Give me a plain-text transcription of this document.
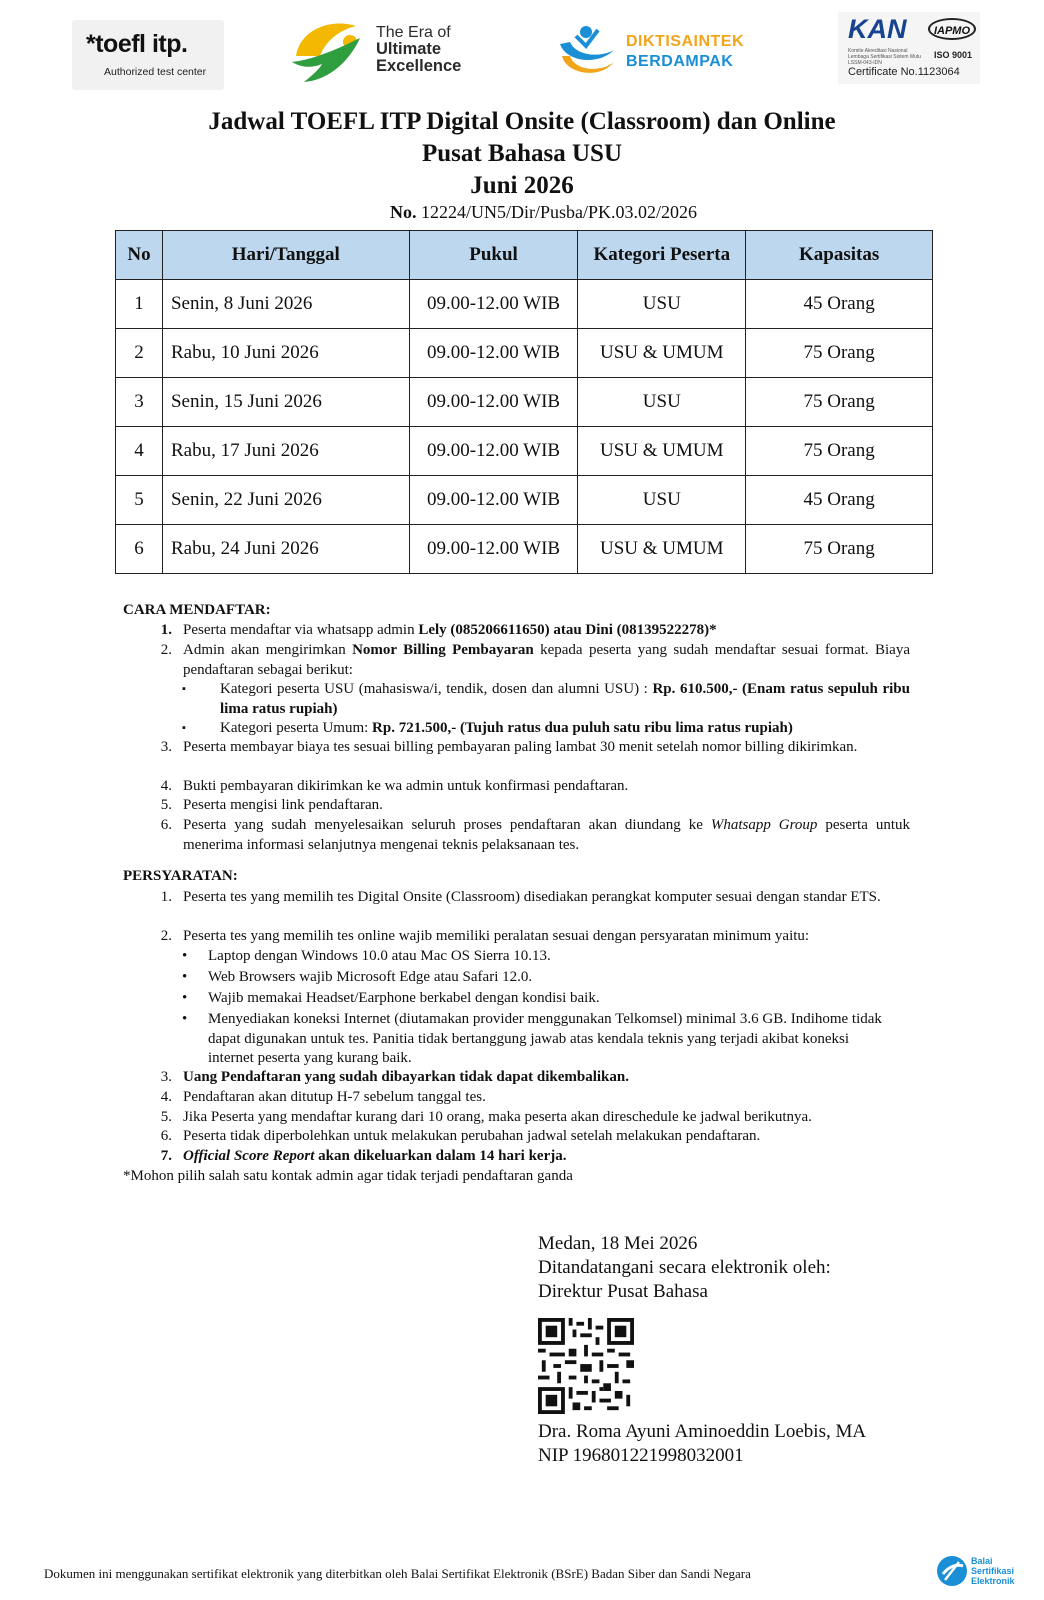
*toefl itp.
Authorized test center
The Era of
Ultimate
Excellence
DIKTISAINTEK
BERDAMPAK
KAN	IAPMO
Komite Akreditasi Nasional Lembaga Sertifikasi Sistem Mutu LSSM-043-IDN
ISO 9001
Certificate No.1123064
Jadwal TOEFL ITP Digital Onsite (Classroom) dan Online
Pusat Bahasa USU
Juni 2026
No. 12224/UN5/Dir/Pusba/PK.03.02/2026
No	Hari/Tanggal	Pukul	Kategori Peserta	Kapasitas
1	Senin, 8 Juni 2026	09.00-12.00 WIB	USU	45 Orang
2	Rabu, 10 Juni 2026	09.00-12.00 WIB	USU & UMUM	75 Orang
3	Senin, 15 Juni 2026	09.00-12.00 WIB	USU	75 Orang
4	Rabu, 17 Juni 2026	09.00-12.00 WIB	USU & UMUM	75 Orang
5	Senin, 22 Juni 2026	09.00-12.00 WIB	USU	45 Orang
6	Rabu, 24 Juni 2026	09.00-12.00 WIB	USU & UMUM	75 Orang
CARA MENDAFTAR:
1. Peserta mendaftar via whatsapp admin Lely (085206611650) atau Dini (08139522278)*
2. Admin akan mengirimkan Nomor Billing Pembayaran kepada peserta yang sudah mendaftar sesuai format. Biaya pendaftaran sebagai berikut:
▪ Kategori peserta USU (mahasiswa/i, tendik, dosen dan alumni USU) : Rp. 610.500,- (Enam ratus sepuluh ribu lima ratus rupiah)
▪ Kategori peserta Umum: Rp. 721.500,- (Tujuh ratus dua puluh satu ribu lima ratus rupiah)
3. Peserta membayar biaya tes sesuai billing pembayaran paling lambat 30 menit setelah nomor billing dikirimkan.
4. Bukti pembayaran dikirimkan ke wa admin untuk konfirmasi pendaftaran.
5. Peserta mengisi link pendaftaran.
6. Peserta yang sudah menyelesaikan seluruh proses pendaftaran akan diundang ke Whatsapp Group peserta untuk menerima informasi selanjutnya mengenai teknis pelaksanaan tes.
PERSYARATAN:
1. Peserta tes yang memilih tes Digital Onsite (Classroom) disediakan perangkat komputer sesuai dengan standar ETS.
2. Peserta tes yang memilih tes online wajib memiliki peralatan sesuai dengan persyaratan minimum yaitu:
• Laptop dengan Windows 10.0 atau Mac OS Sierra 10.13.
• Web Browsers wajib Microsoft Edge atau Safari 12.0.
• Wajib memakai Headset/Earphone berkabel dengan kondisi baik.
• Menyediakan koneksi Internet (diutamakan provider menggunakan Telkomsel) minimal 3.6 GB. Indihome tidak dapat digunakan untuk tes. Panitia tidak bertanggung jawab atas kendala teknis yang terjadi akibat koneksi internet peserta yang kurang baik.
3. Uang Pendaftaran yang sudah dibayarkan tidak dapat dikembalikan.
4. Pendaftaran akan ditutup H-7 sebelum tanggal tes.
5. Jika Peserta yang mendaftar kurang dari 10 orang, maka peserta akan direschedule ke jadwal berikutnya.
6. Peserta tidak diperbolehkan untuk melakukan perubahan jadwal setelah melakukan pendaftaran.
7. Official Score Report akan dikeluarkan dalam 14 hari kerja.
*Mohon pilih salah satu kontak admin agar tidak terjadi pendaftaran ganda
Medan, 18 Mei 2026
Ditandatangani secara elektronik oleh:
Direktur Pusat Bahasa
Dra. Roma Ayuni Aminoeddin Loebis, MA
NIP 196801221998032001
Dokumen ini menggunakan sertifikat elektronik yang diterbitkan oleh Balai Sertifikat Elektronik (BSrE) Badan Siber dan Sandi Negara
Balai
Sertifikasi
Elektronik
